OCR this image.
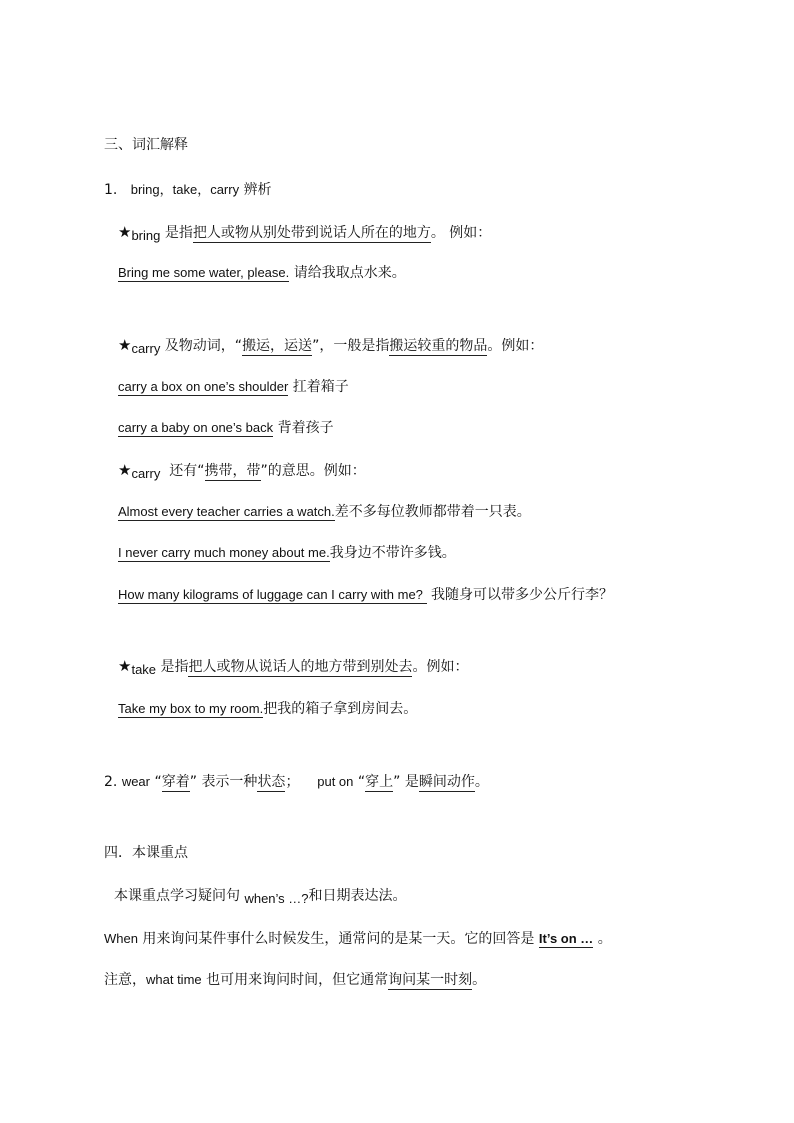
三、词汇解释
1. bring，take，carry 辨析
★bring 是指把人或物从别处带到说话人所在的地方。 例如：
Bring me some water, please. 请给我取点水来。
★carry 及物动词，“搬运，运送”，一般是指搬运较重的物品。例如：
carry a box on one’s shoulder 扛着箱子
carry a baby on one’s back 背着孩子
★carry 还有“携带，带”的意思。例如：
Almost every teacher carries a watch.差不多每位教师都带着一只表。
I never carry much money about me.我身边不带许多钱。
How many kilograms of luggage can I carry with me?  我随身可以带多少公斤行李？
★take 是指把人或物从说话人的地方带到别处去。例如：
Take my box to my room.把我的箱子拿到房间去。
2. wear “穿着” 表示一种状态； put on “穿上” 是瞬间动作。
四．本课重点
本课重点学习疑问句 when’s …?和日期表达法。
When 用来询问某件事什么时候发生，通常问的是某一天。它的回答是 It’s on … 。
注意，what time 也可用来询问时间，但它通常询问某一时刻。
